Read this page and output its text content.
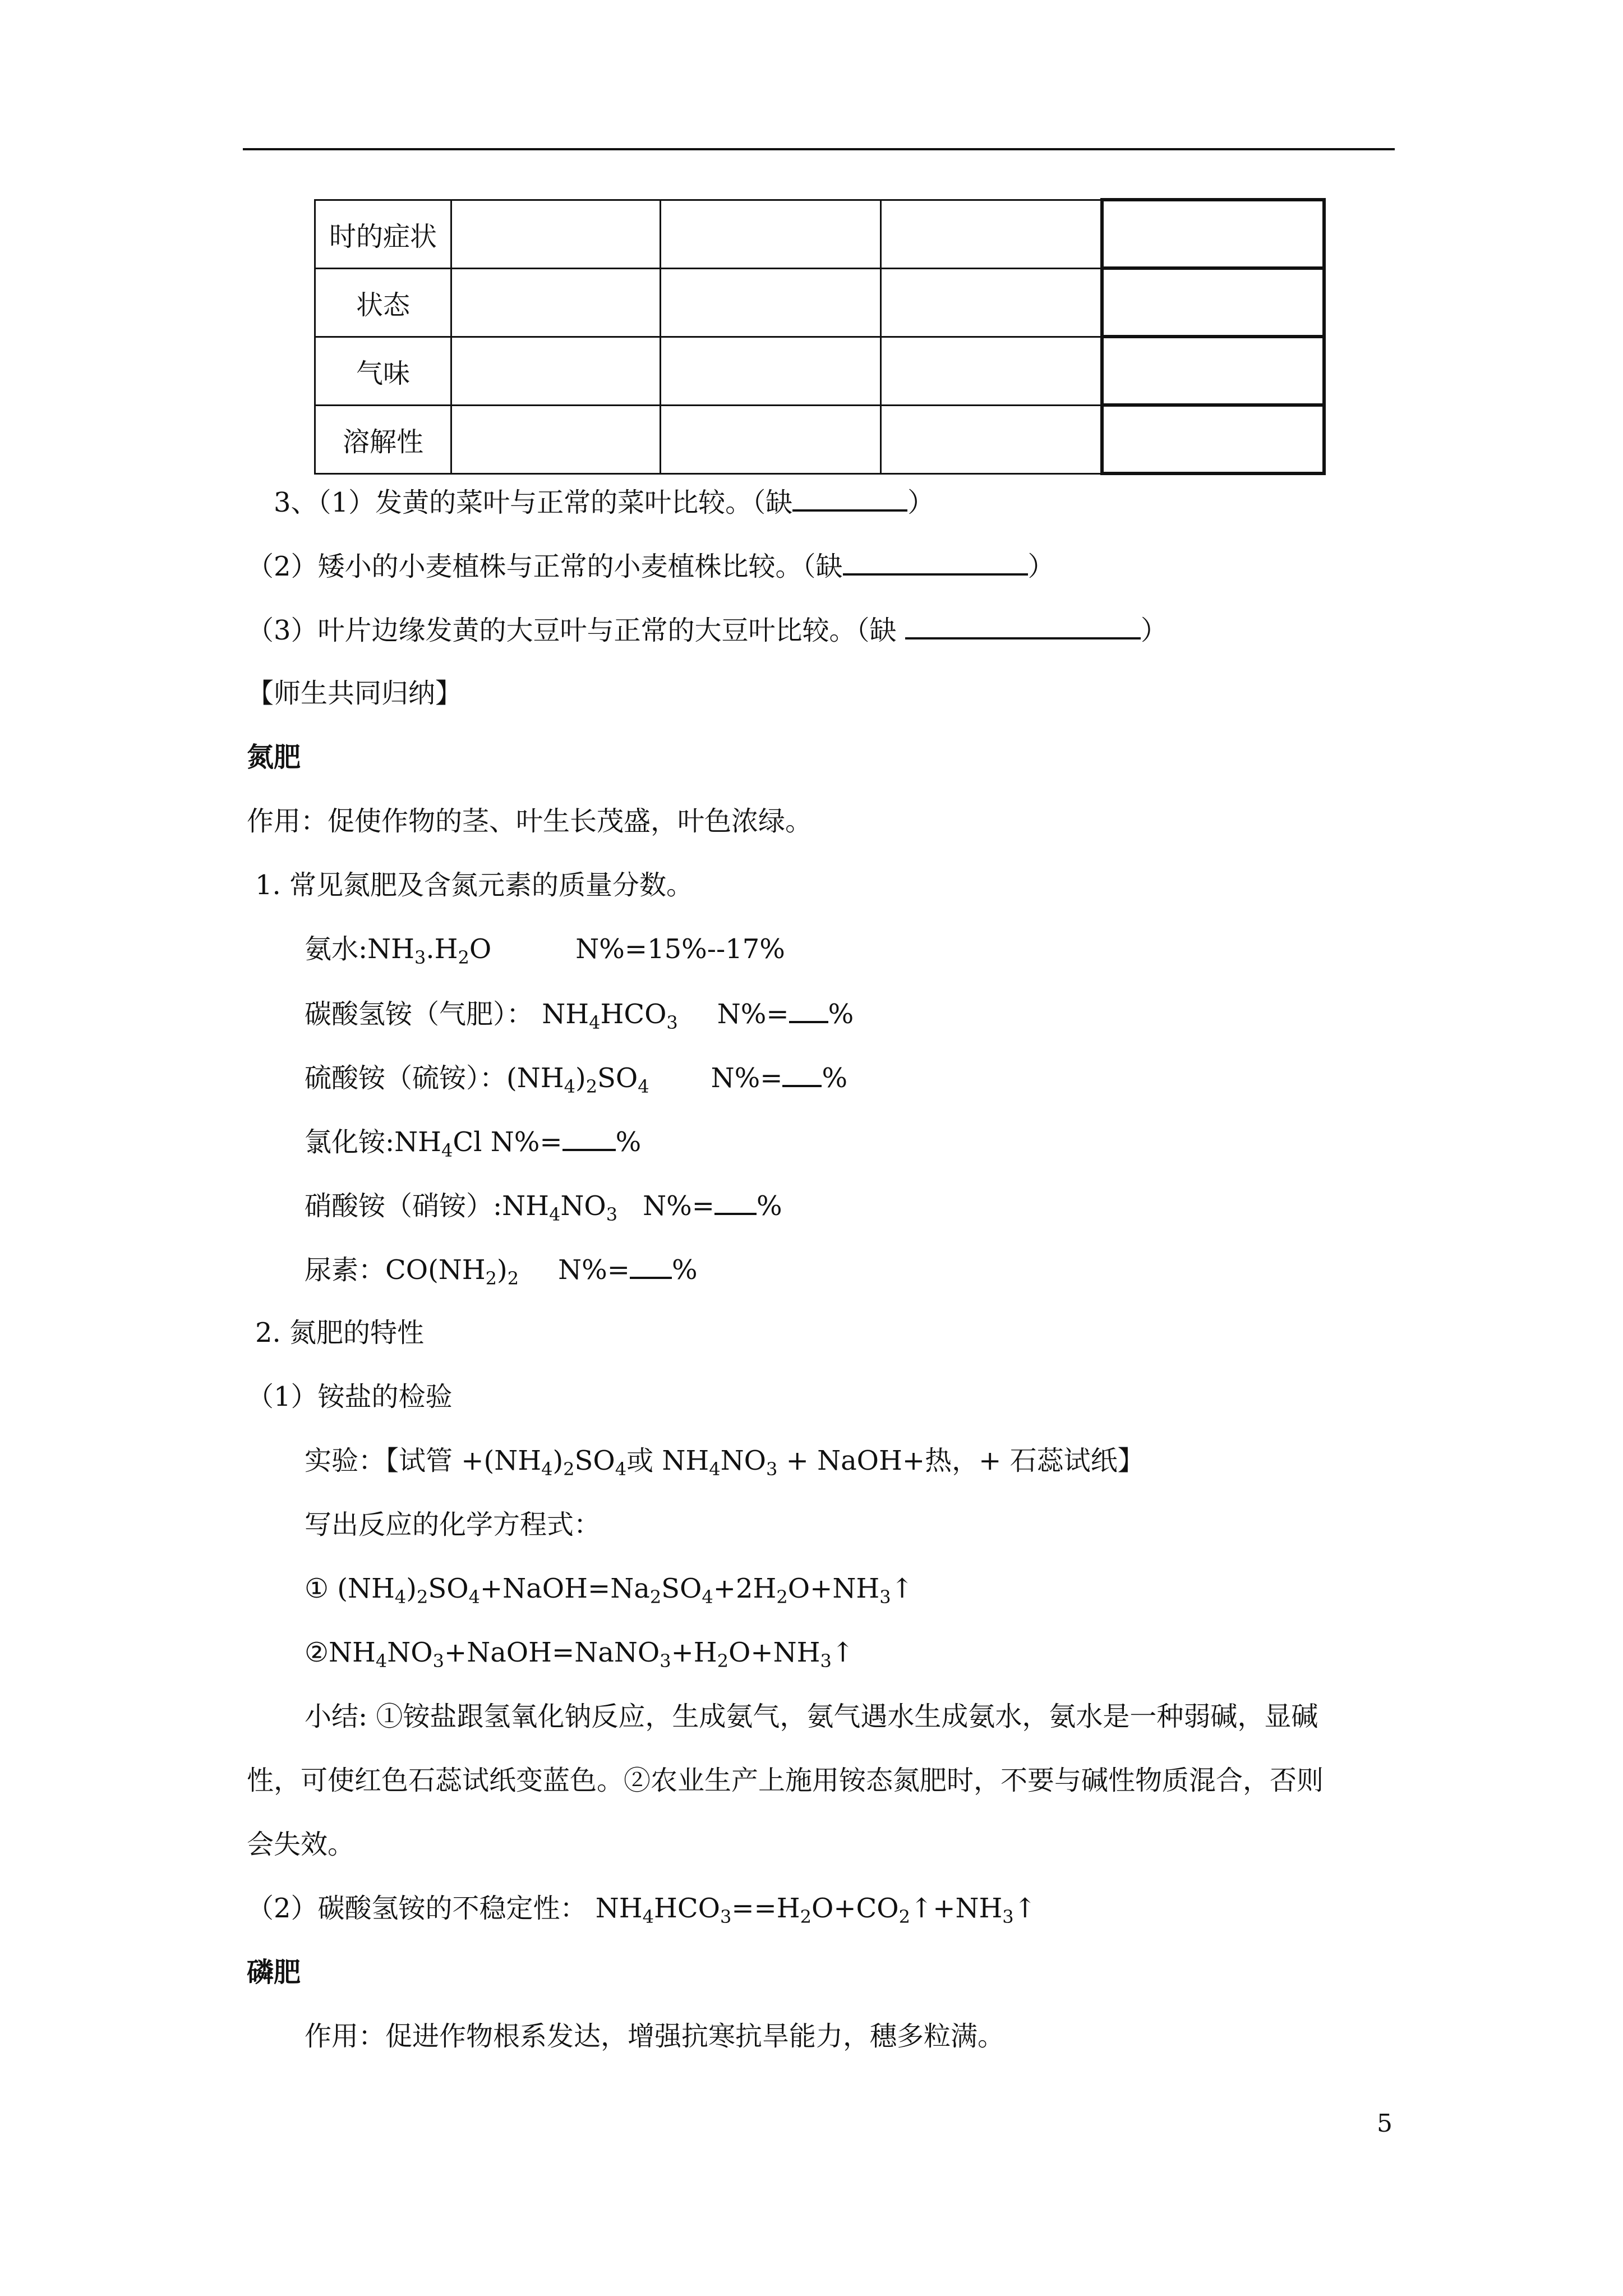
时的症状				
状态				
气味				
溶解性				
3、（1）发黄的菜叶与正常的菜叶比较。（缺	）
（2）矮小的小麦植株与正常的小麦植株比较。（缺	）
（3）叶片边缘发黄的大豆叶与正常的大豆叶比较。（缺	）
【师生共同归纳】
氮肥
作用：促使作物的茎、叶生长茂盛，叶色浓绿。
1. 常见氮肥及含氮元素的质量分数。
氨水$:NH_3.H_2O$	N%=15%--17%
碳酸氢铵（气肥）： $NH_4HCO_3$ N%= %
硫酸铵（硫铵）：$(NH_4)_2SO_4$ N%= %
氯化铵$:NH_4Cl$ N%= %
硝酸铵（硝铵）$:NH_4NO_3$ N%= %
尿素：$CO(NH_2)_2$ N%= %
2. 氮肥的特性
（1）铵盐的检验
实验：【试管 $+(NH_4)_2SO_4$或 $NH_4NO_3$ + NaOH+热，+ 石蕊试纸】
写出反应的化学方程式：
① $(NH_4)_2SO_4+NaOH=Na_2SO_4+2H_2O+NH_3↑$
$②NH_4NO_3+NaOH=NaNO_3+H_2O+NH_3↑$
小结: ①铵盐跟氢氧化钠反应，生成氨气，氨气遇水生成氨水，氨水是一种弱碱，显碱
性，可使红色石蕊试纸变蓝色。②农业生产上施用铵态氮肥时，不要与碱性物质混合，否则
会失效。
（2）碳酸氢铵的不稳定性： $NH_4HCO_3==H_2O+CO_2↑+NH_3↑$
磷肥
作用：促进作物根系发达，增强抗寒抗旱能力，穗多粒满。
5
